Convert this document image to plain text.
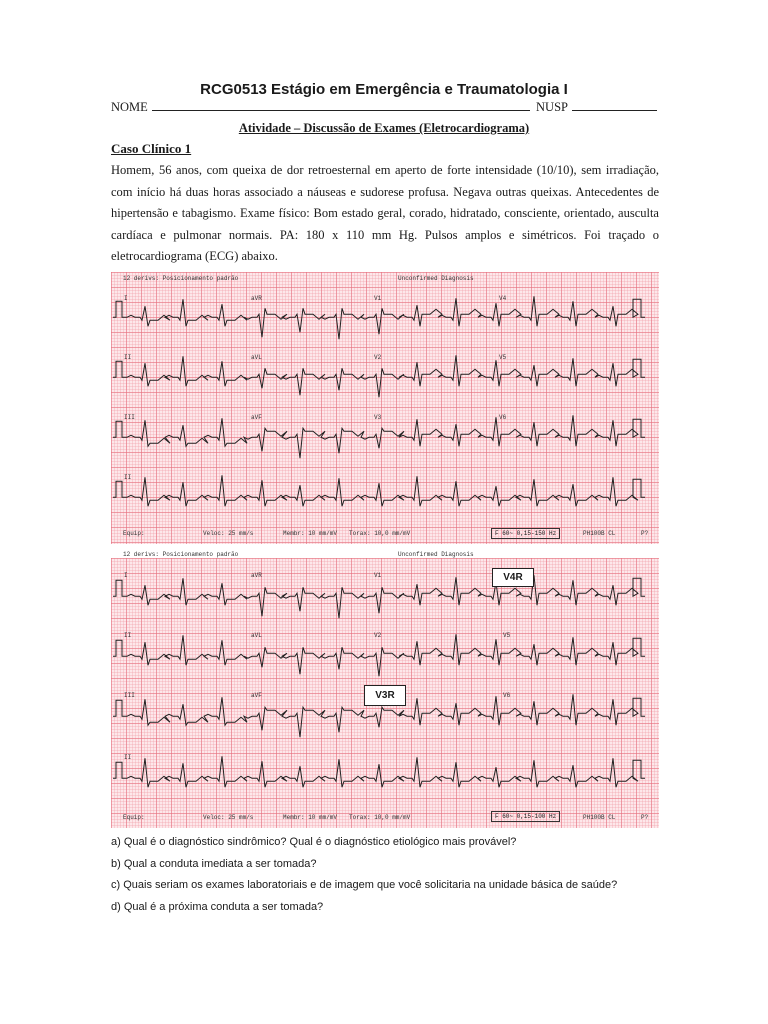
RCG0513 Estágio em Emergência e Traumatologia I
NOME	NUSP

Atividade – Discussão de Exames (Eletrocardiograma)

Caso Clínico 1

Homem, 56 anos, com queixa de dor retroesternal em aperto de forte intensidade (10/10), sem irradiação, com início há duas horas associado a náuseas e sudorese profusa. Negava outras queixas. Antecedentes de hipertensão e tabagismo. Exame físico: Bom estado geral, corado, hidratado, consciente, orientado, ausculta cardíaca e pulmonar normais. PA: 180 x 110 mm Hg. Pulsos amplos e simétricos. Foi traçado o eletrocardiograma (ECG) abaixo.

12 derivs: Posicionamento padrão	Unconfirmed Diagnosis
I	aVR	V1	V4
II	aVL	V2	V5
III	aVF	V3	V6
II
Equip:	Veloc: 25 mm/s	Membr: 10 mm/mV Torax: 10,0 mm/mV	F 60~ 0,15-150 Hz	PH100B CL	P?
12 derivs: Posicionamento padrão	Unconfirmed Diagnosis
I	aVR	V1
II	aVL	V2	V5
III	aVF	V6
II
V4R
V3R
Equip:	Veloc: 25 mm/s	Membr: 10 mm/mV Torax: 10,0 mm/mV	F 60~ 0,15-100 Hz	PH100B CL	P?

a) Qual é o diagnóstico sindrômico? Qual é o diagnóstico etiológico mais provável?

b) Qual a conduta imediata a ser tomada?

c) Quais seriam os exames laboratoriais e de imagem que você solicitaria na unidade básica de saúde?

d) Qual é a próxima conduta a ser tomada?
